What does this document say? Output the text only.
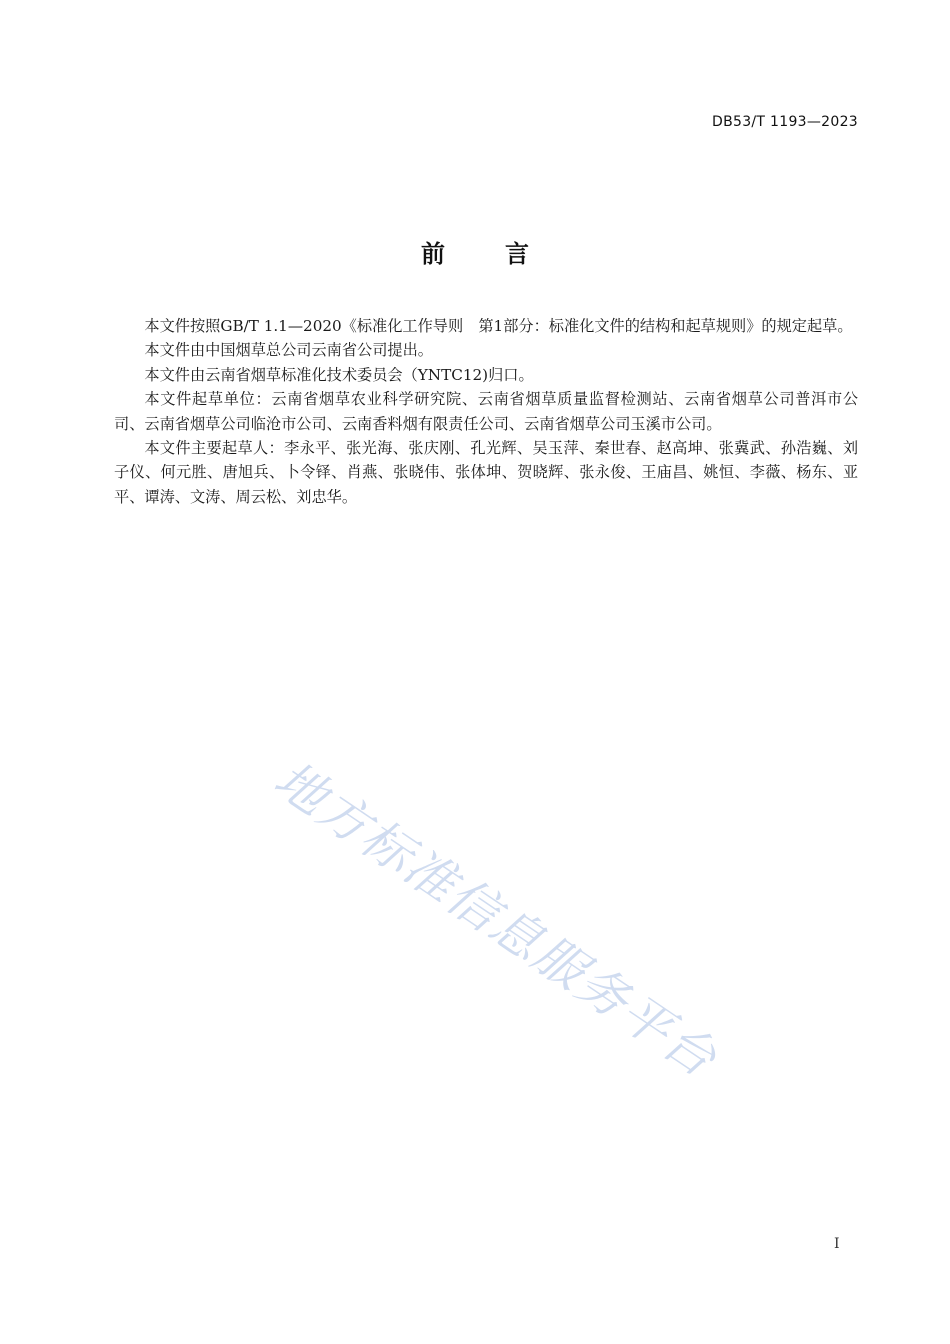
DB53/T 1193—2023
前言

本文件按照GB/T 1.1—2020《标准化工作导则　第1部分：标准化文件的结构和起草规则》的规定起草。

本文件由中国烟草总公司云南省公司提出。

本文件由云南省烟草标准化技术委员会（YNTC12)归口。

本文件起草单位：云南省烟草农业科学研究院、云南省烟草质量监督检测站、云南省烟草公司普洱市公司、云南省烟草公司临沧市公司、云南香料烟有限责任公司、云南省烟草公司玉溪市公司。

本文件主要起草人：李永平、张光海、张庆刚、孔光辉、吴玉萍、秦世春、赵高坤、张冀武、孙浩巍、刘子仪、何元胜、唐旭兵、卜令铎、肖燕、张晓伟、张体坤、贺晓辉、张永俊、王庙昌、姚恒、李薇、杨东、亚平、谭涛、文涛、周云松、刘忠华。

地方标准信息服务平台
I
